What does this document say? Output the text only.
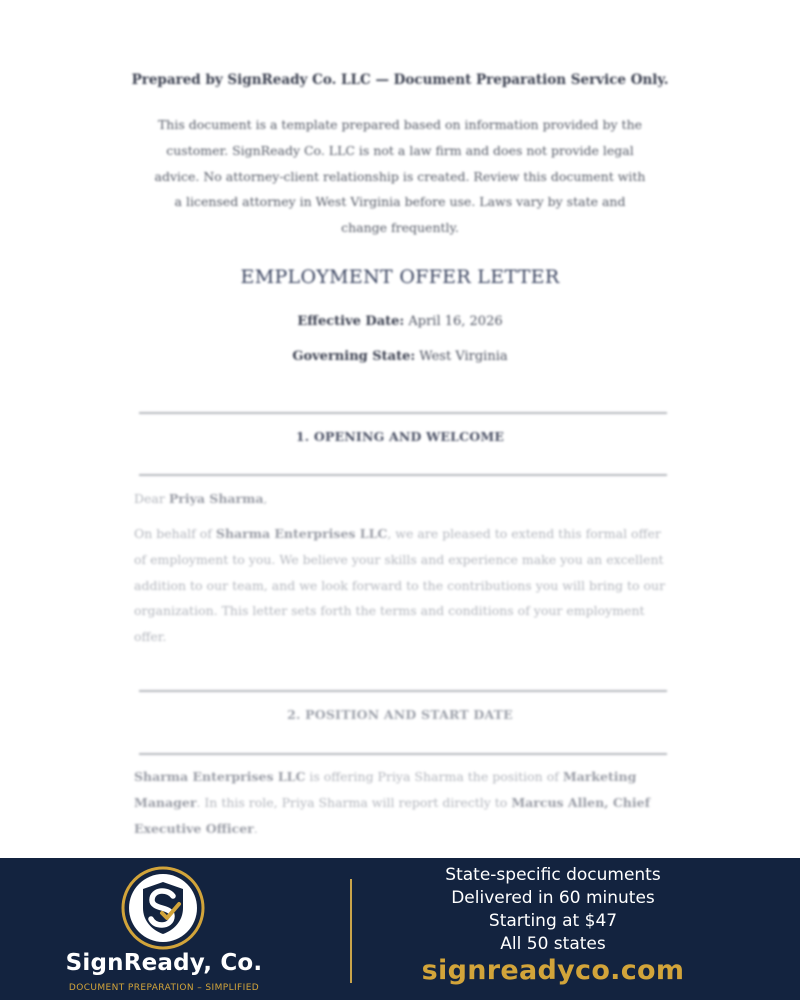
Prepared by SignReady Co. LLC — Document Preparation Service Only.
This document is a template prepared based on information provided by the customer. SignReady Co. LLC is not a law firm and does not provide legal advice. No attorney-client relationship is created. Review this document with a licensed attorney in West Virginia before use. Laws vary by state and change frequently.
EMPLOYMENT OFFER LETTER
Effective Date: April 16, 2026
Governing State: West Virginia
1. OPENING AND WELCOME
Dear Priya Sharma,
On behalf of Sharma Enterprises LLC, we are pleased to extend this formal offer of employment to you. We believe your skills and experience make you an excellent addition to our team, and we look forward to the contributions you will bring to our organization. This letter sets forth the terms and conditions of your employment offer.
2. POSITION AND START DATE
Sharma Enterprises LLC is offering Priya Sharma the position of Marketing Manager. In this role, Priya Sharma will report directly to Marcus Allen, Chief Executive Officer.
SignReady, Co.
DOCUMENT PREPARATION – SIMPLIFIED
State-specific documents
Delivered in 60 minutes
Starting at $47
All 50 states
signreadyco.com
